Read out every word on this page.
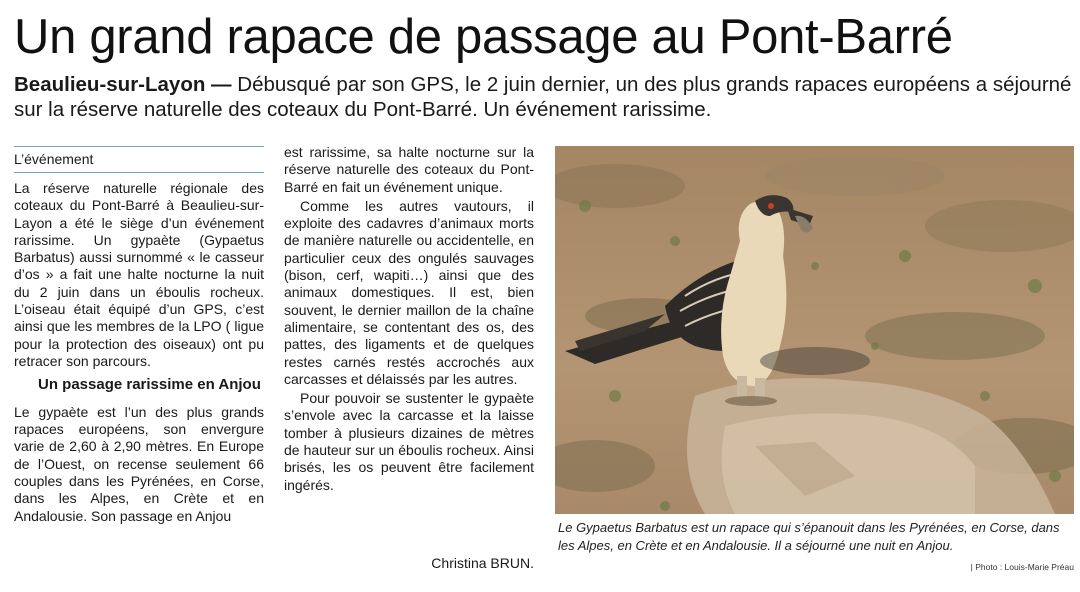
Un grand rapace de passage au Pont-Barré

Beaulieu-sur-Layon — Débusqué par son GPS, le 2 juin dernier, un des plus grands rapaces européens a séjourné sur la réserve naturelle des coteaux du Pont-Barré. Un événement rarissime.

L’événement

La réserve naturelle régionale des coteaux du Pont-Barré à Beaulieu-sur-Layon a été le siège d’un événement rarissime. Un gypaète (Gypaetus Barbatus) aussi surnommé « le casseur d’os » a fait une halte nocturne la nuit du 2 juin dans un éboulis rocheux. L’oiseau était équipé d’un GPS, c’est ainsi que les membres de la LPO ( ligue pour la protection des oiseaux) ont pu retracer son parcours.

Un passage rarissime en Anjou

Le gypaète est l’un des plus grands rapaces européens, son envergure varie de 2,60 à 2,90 mètres. En Europe de l’Ouest, on recense seulement 66 couples dans les Pyrénées, en Corse, dans les Alpes, en Crète et en Andalousie. Son passage en Anjou

est rarissime, sa halte nocturne sur la réserve naturelle des coteaux du Pont-Barré en fait un événement unique.

Comme les autres vautours, il exploite des cadavres d’animaux morts de manière naturelle ou accidentelle, en particulier ceux des ongulés sauvages (bison, cerf, wapiti…) ainsi que des animaux domestiques. Il est, bien souvent, le dernier maillon de la chaîne alimentaire, se contentant des os, des pattes, des ligaments et de quelques restes carnés restés accrochés aux carcasses et délaissés par les autres.

Pour pouvoir se sustenter le gypaète s’envole avec la carcasse et la laisse tomber à plusieurs dizaines de mètres de hauteur sur un éboulis rocheux. Ainsi brisés, les os peuvent être facilement ingérés.

Christina BRUN.
Le Gypaetus Barbatus est un rapace qui s’épanouit dans les Pyrénées, en Corse, dans les Alpes, en Crète et en Andalousie. Il a séjourné une nuit en Anjou.
| Photo : Louis-Marie Préau
